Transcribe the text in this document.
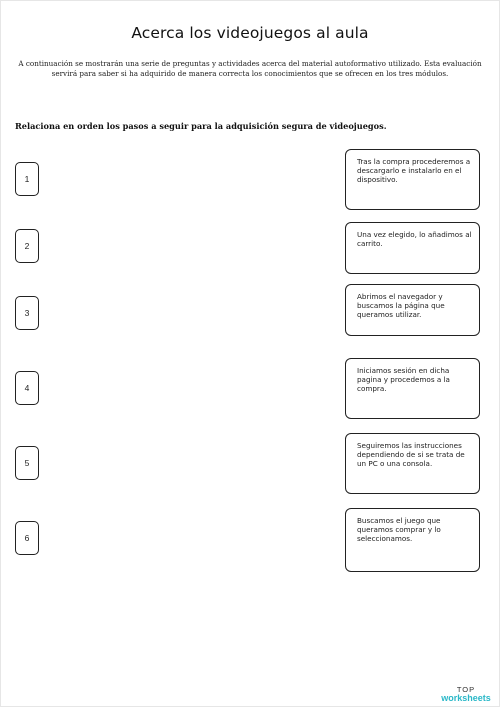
Acerca los videojuegos al aula

A continuación se mostrarán una serie de preguntas y actividades acerca del material autoformativo utilizado. Esta evaluación servirá para saber si ha adquirido de manera correcta los conocimientos que se ofrecen en los tres módulos.

Relaciona en orden los pasos a seguir para la adquisición segura de videojuegos.

1
2
3
4
5
6
Tras la compra procederemos a descargarlo e instalarlo en el dispositivo.
Una vez elegido, lo añadimos al carrito.
Abrimos el navegador y buscamos la página que queramos utilizar.
Iniciamos sesión en dicha pagina y procedemos a la compra.
Seguiremos las instrucciones dependiendo de si se trata de un PC o una consola.
Buscamos el juego que queramos comprar y lo seleccionamos.
TOP
worksheets
